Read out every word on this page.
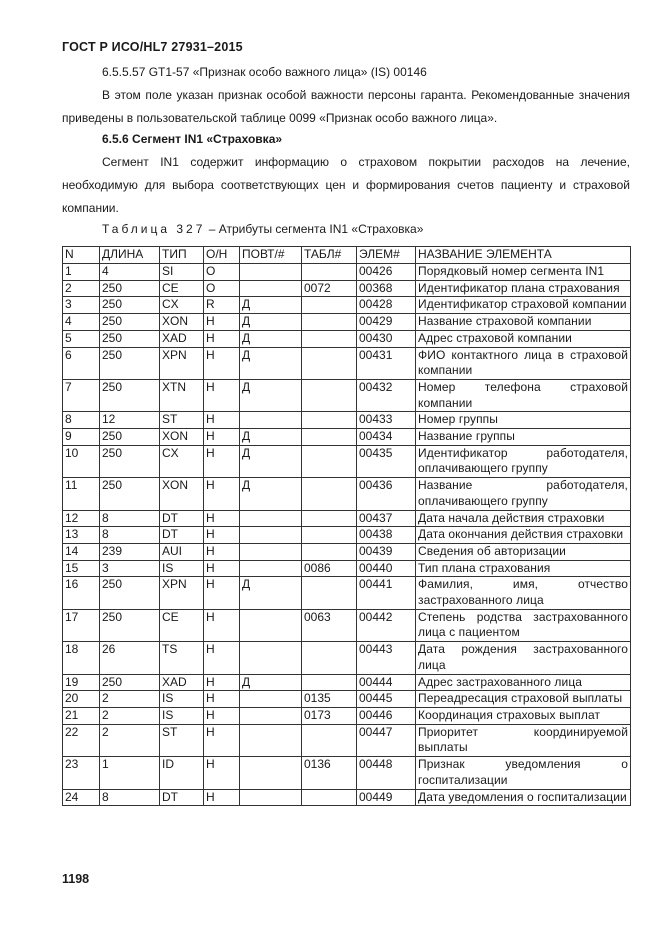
ГОСТ Р ИСО/HL7 27931–2015
6.5.5.57 GT1-57 «Признак особо важного лица» (IS) 00146
В этом поле указан признак особой важности персоны гаранта. Рекомендованные значения приведены в пользовательской таблице 0099 «Признак особо важного лица».
6.5.6 Сегмент IN1 «Страховка»
Сегмент IN1 содержит информацию о страховом покрытии расходов на лечение, необходимую для выбора соответствующих цен и формирования счетов пациенту и страховой компании.
Таблица 327 – Атрибуты сегмента IN1 «Страховка»
N	ДЛИНА	ТИП	О/Н	ПОВТ/#	ТАБЛ#	ЭЛЕМ#	НАЗВАНИЕ ЭЛЕМЕНТА
1	4	SI	О			00426	Порядковый номер сегмента IN1
2	250	CE	О		0072	00368	Идентификатор плана страхования
3	250	CX	R	Д		00428	Идентификатор страховой компании
4	250	XON	Н	Д		00429	Название страховой компании
5	250	XAD	Н	Д		00430	Адрес страховой компании
6	250	XPN	Н	Д		00431	ФИО контактного лица в страховой компании
7	250	XTN	Н	Д		00432	Номер телефона страховой компании
8	12	ST	Н			00433	Номер группы
9	250	XON	Н	Д		00434	Название группы
10	250	CX	Н	Д		00435	Идентификатор работодателя, оплачивающего группу
11	250	XON	Н	Д		00436	Название работодателя, оплачивающего группу
12	8	DT	Н			00437	Дата начала действия страховки
13	8	DT	Н			00438	Дата окончания действия страховки
14	239	AUI	Н			00439	Сведения об авторизации
15	3	IS	Н		0086	00440	Тип плана страхования
16	250	XPN	Н	Д		00441	Фамилия, имя, отчество застрахованного лица
17	250	CE	Н		0063	00442	Степень родства застрахованного лица с пациентом
18	26	TS	Н			00443	Дата рождения застрахованного лица
19	250	XAD	Н	Д		00444	Адрес застрахованного лица
20	2	IS	Н		0135	00445	Переадресация страховой выплаты
21	2	IS	Н		0173	00446	Координация страховых выплат
22	2	ST	Н			00447	Приоритет координируемой выплаты
23	1	ID	Н		0136	00448	Признак уведомления о госпитализации
24	8	DT	Н			00449	Дата уведомления о госпитализации
1198
